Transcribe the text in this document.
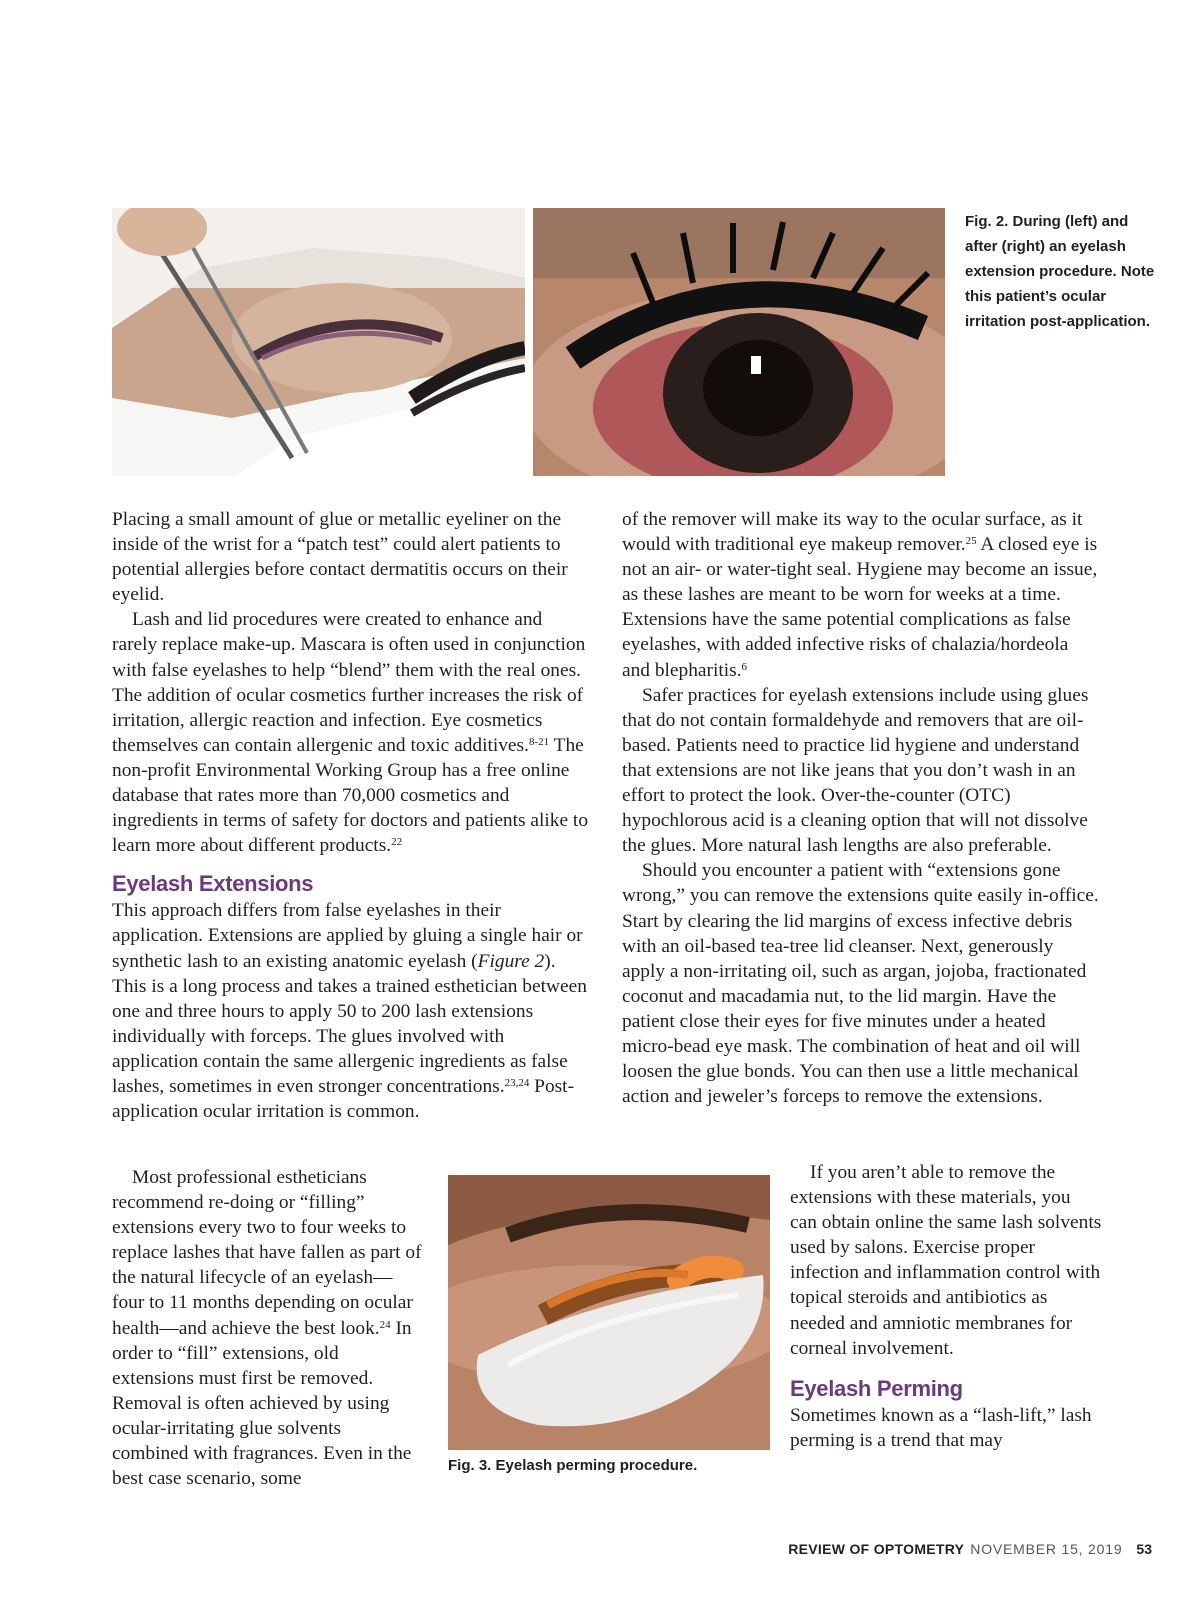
Fig. 2. During (left) and after (right) an eyelash extension procedure. Note this patient’s ocular irritation post-application.

Placing a small amount of glue or metallic eyeliner on the inside of the wrist for a “patch test” could alert patients to potential allergies before contact dermatitis occurs on their eyelid.

Lash and lid procedures were created to enhance and rarely replace make-up. Mascara is often used in conjunction with false eyelashes to help “blend” them with the real ones. The addition of ocular cosmetics further increases the risk of irritation, allergic reaction and infection. Eye cosmetics themselves can contain allergenic and toxic additives.$^{8-21}$ The non-profit Environmental Working Group has a free online database that rates more than 70,000 cosmetics and ingredients in terms of safety for doctors and patients alike to learn more about different products.$^{22}$

Eyelash Extensions

This approach differs from false eyelashes in their application. Extensions are applied by gluing a single hair or synthetic lash to an existing anatomic eyelash (Figure 2). This is a long process and takes a trained esthetician between one and three hours to apply 50 to 200 lash extensions individually with forceps. The glues involved with application contain the same allergenic ingredients as false lashes, sometimes in even stronger concentrations.$^{23,24}$ Post-application ocular irritation is common.

Most professional estheticians recommend re-doing or “filling” extensions every two to four weeks to replace lashes that have fallen as part of the natural lifecycle of an eyelash—four to 11 months depending on ocular health—and achieve the best look.$^{24}$ In order to “fill” extensions, old extensions must first be removed. Removal is often achieved by using ocular-irritating glue solvents combined with fragrances. Even in the best case scenario, some

of the remover will make its way to the ocular surface, as it would with traditional eye makeup remover.$^{25}$ A closed eye is not an air- or water-tight seal. Hygiene may become an issue, as these lashes are meant to be worn for weeks at a time. Extensions have the same potential complications as false eyelashes, with added infective risks of chalazia/hordeola and blepharitis.$^6$

Safer practices for eyelash extensions include using glues that do not contain formaldehyde and removers that are oil-based. Patients need to practice lid hygiene and understand that extensions are not like jeans that you don’t wash in an effort to protect the look. Over-the-counter (OTC) hypochlorous acid is a cleaning option that will not dissolve the glues. More natural lash lengths are also preferable.

Should you encounter a patient with “extensions gone wrong,” you can remove the extensions quite easily in-office. Start by clearing the lid margins of excess infective debris with an oil-based tea-tree lid cleanser. Next, generously apply a non-irritating oil, such as argan, jojoba, fractionated coconut and macadamia nut, to the lid margin. Have the patient close their eyes for five minutes under a heated micro-bead eye mask. The combination of heat and oil will loosen the glue bonds. You can then use a little mechanical action and jeweler’s forceps to remove the extensions.

If you aren’t able to remove the extensions with these materials, you can obtain online the same lash solvents used by salons. Exercise proper infection and inflammation control with topical steroids and antibiotics as needed and amniotic membranes for corneal involvement.

Eyelash Perming

Sometimes known as a “lash-lift,” lash perming is a trend that may

Fig. 3. Eyelash perming procedure.
REVIEW OF OPTOMETRY NOVEMBER 15, 2019 53
